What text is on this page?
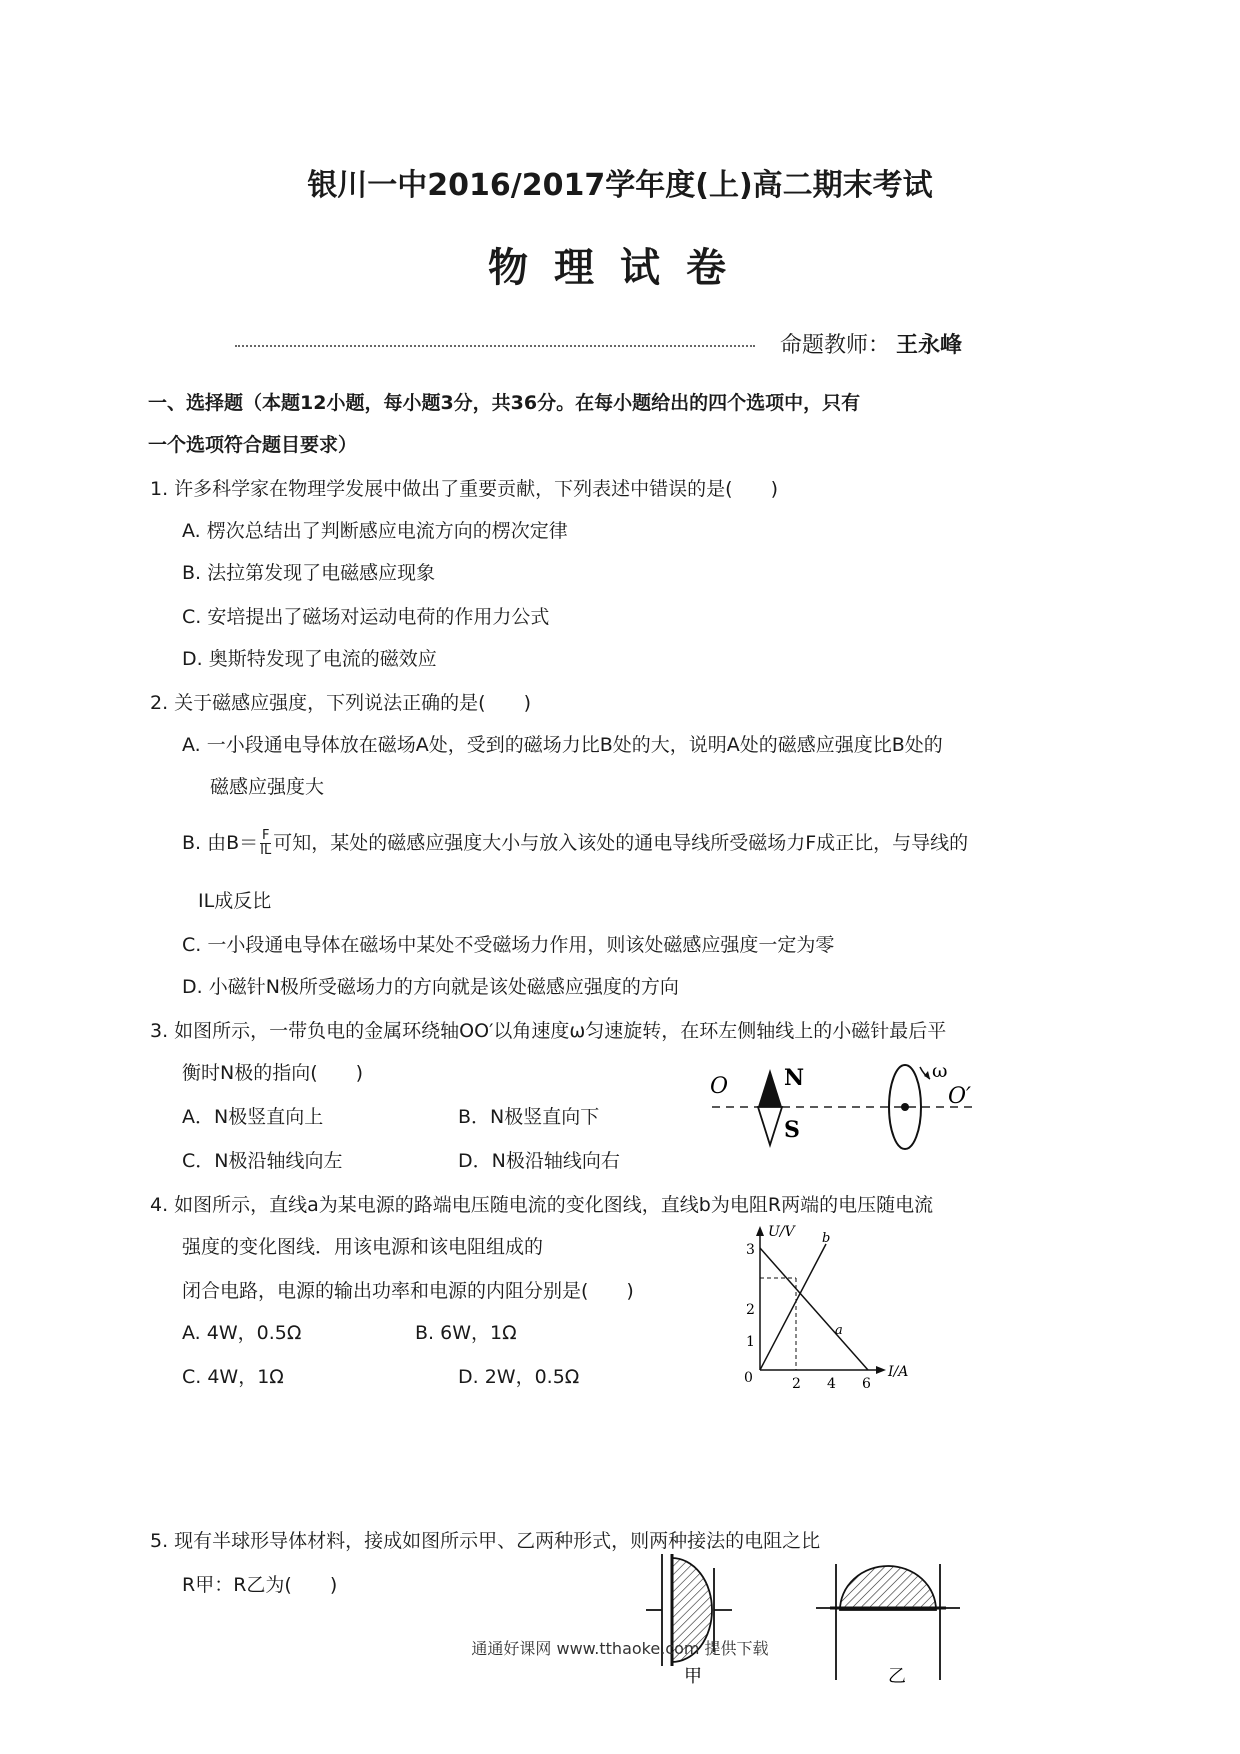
银川一中2016/2017学年度(上)高二期末考试
物理试卷
命题教师： 王永峰
一、选择题（本题12小题，每小题3分，共36分。在每小题给出的四个选项中，只有
一个选项符合题目要求）
1. 许多科学家在物理学发展中做出了重要贡献，下列表述中错误的是(　　)
A. 楞次总结出了判断感应电流方向的楞次定律
B. 法拉第发现了电磁感应现象
C. 安培提出了磁场对运动电荷的作用力公式
D. 奥斯特发现了电流的磁效应
2. 关于磁感应强度，下列说法正确的是(　　)
A. 一小段通电导体放在磁场A处，受到的磁场力比B处的大，说明A处的磁感应强度比B处的
磁感应强度大
B. 由$B= \frac{F}{IL}$ 可知，某处的磁感应强度大小与放入该处的通电导线所受磁场力F成正比，与导线的
IL成反比
C. 一小段通电导体在磁场中某处不受磁场力作用，则该处磁感应强度一定为零
D. 小磁针N极所受磁场力的方向就是该处磁感应强度的方向
3. 如图所示，一带负电的金属环绕轴OO′以角速度ω匀速旋转，在环左侧轴线上的小磁针最后平
衡时N极的指向(　　)
A．N极竖直向上	B．N极竖直向下
C．N极沿轴线向左	D．N极沿轴线向右
O	N
S
ω
O′
4. 如图所示，直线a为某电源的路端电压随电流的变化图线，直线b为电阻R两端的电压随电流
强度的变化图线．用该电源和该电阻组成的
闭合电路，电源的输出功率和电源的内阻分别是(　　)
A. 4W，0.5Ω	B. 6W，1Ω
C. 4W，1Ω	D. 2W，0.5Ω
U/V
I/A
0
1
2
3
2 4 6
a
b
5. 现有半球形导体材料，接成如图所示甲、乙两种形式，则两种接法的电阻之比
R甲：R乙为(　　)
乙
甲
通通好课网 www.tthaoke.com 提供下载
